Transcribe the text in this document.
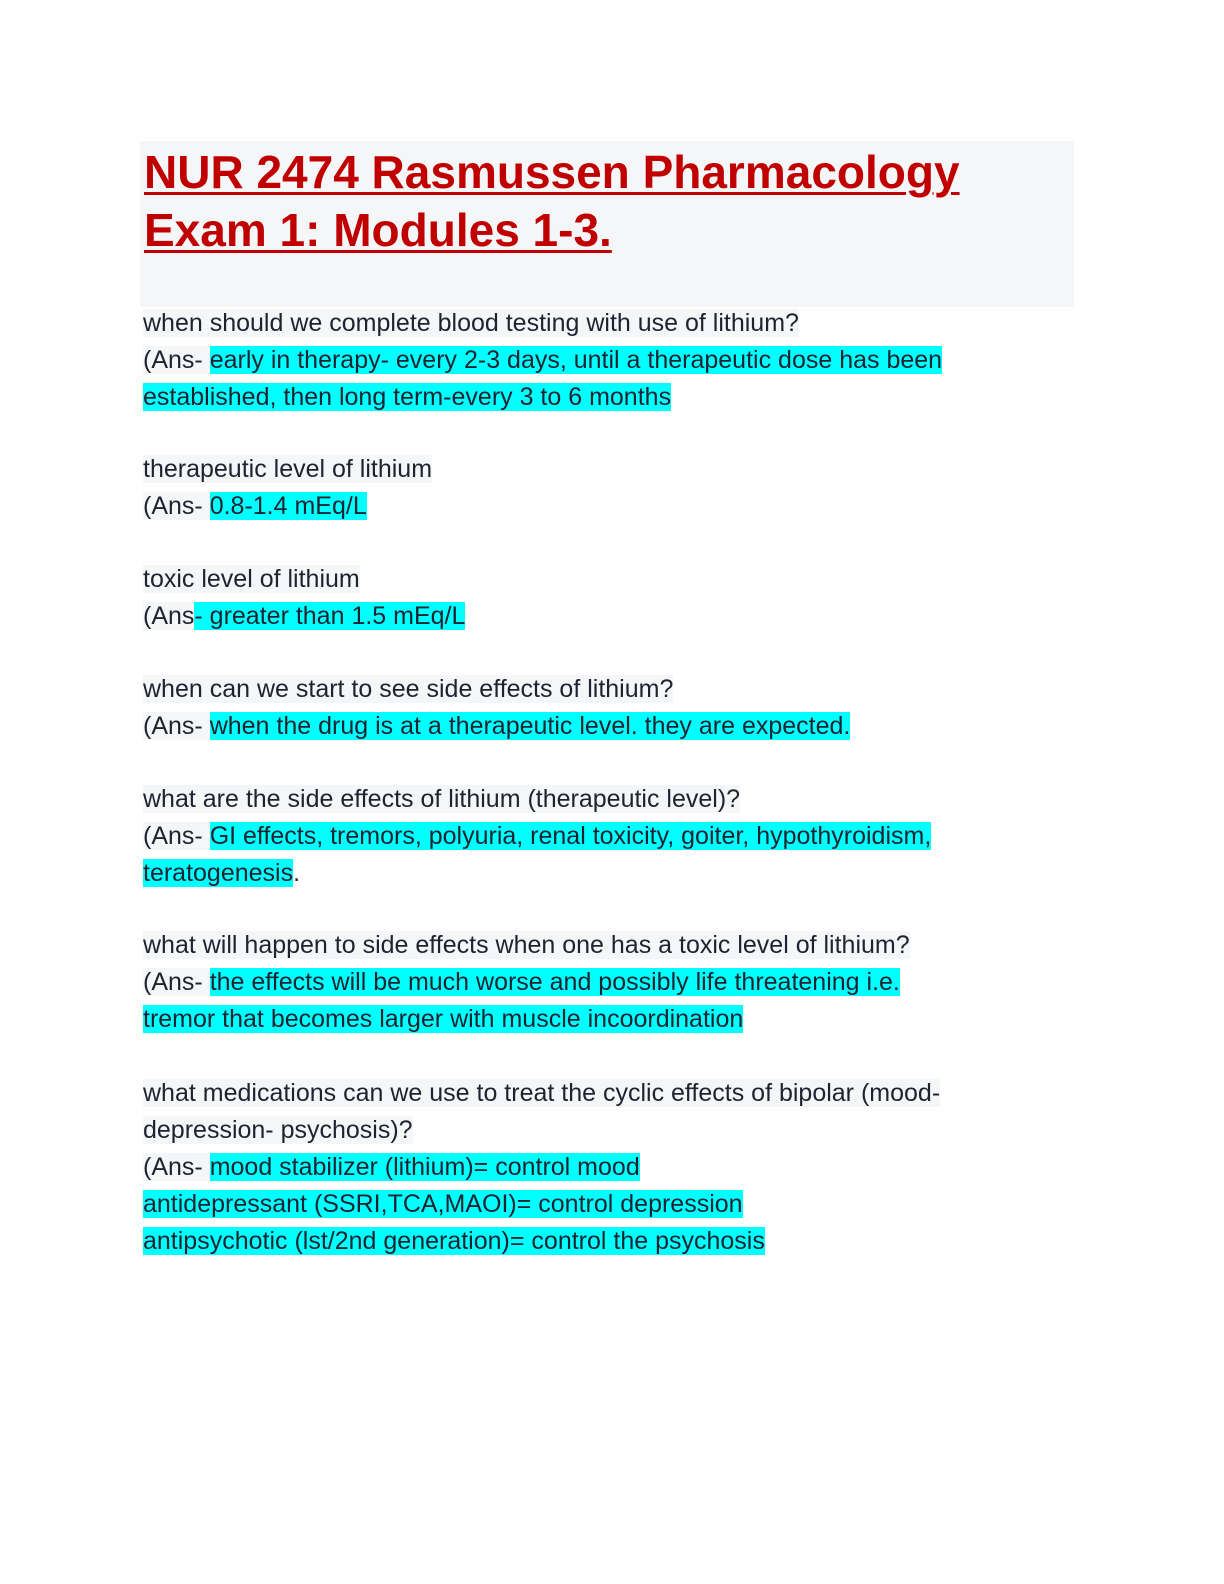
NUR 2474 Rasmussen Pharmacology
Exam 1: Modules 1-3.
when should we complete blood testing with use of lithium?
(Ans- early in therapy- every 2-3 days, until a therapeutic dose has been
established, then long term-every 3 to 6 months
therapeutic level of lithium
(Ans- 0.8-1.4 mEq/L
toxic level of lithium
(Ans- greater than 1.5 mEq/L
when can we start to see side effects of lithium?
(Ans- when the drug is at a therapeutic level. they are expected.
what are the side effects of lithium (therapeutic level)?
(Ans- GI effects, tremors, polyuria, renal toxicity, goiter, hypothyroidism,
teratogenesis.
what will happen to side effects when one has a toxic level of lithium?
(Ans- the effects will be much worse and possibly life threatening i.e.
tremor that becomes larger with muscle incoordination
what medications can we use to treat the cyclic effects of bipolar (mood-
depression- psychosis)?
(Ans- mood stabilizer (lithium)= control mood
antidepressant (SSRI,TCA,MAOI)= control depression
antipsychotic (lst/2nd generation)= control the psychosis
